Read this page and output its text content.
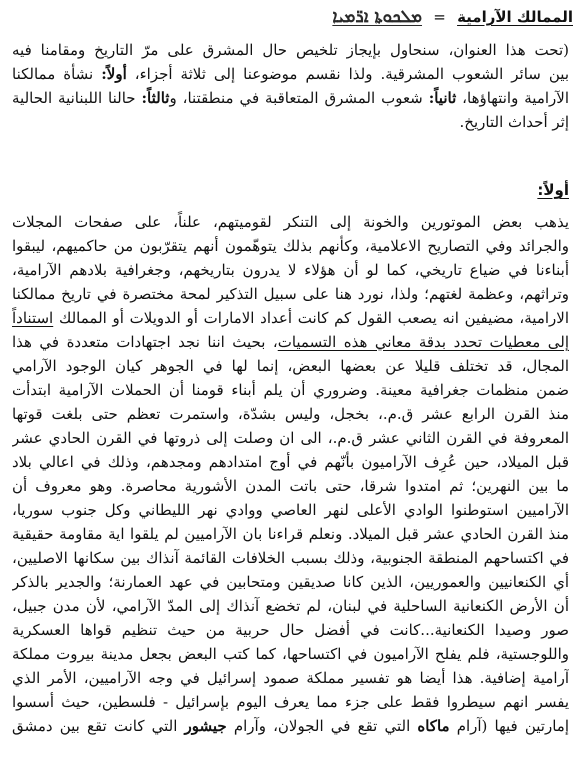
الممالك الآرامية = ܡܠܟܘܬܐ ܐܪ̈ܡܝܐ
(تحت هذا العنوان، سنحاول بإيجاز تلخيص حال المشرق على مرّ التاريخ ومقامنا فيه
بين سائر الشعوب المشرقية. ولذا نقسم موضوعنا إلى ثلاثة أجزاء، أولاً: نشأة ممالكنا
الآرامية وانتهاؤها، ثانياً: شعوب المشرق المتعاقبة في منطقتنا، وثالثاً: حالنا اللبنانية الحالية
إثر أحداث التاريخ.
أولاً:
يذهب بعض الموتورين والخونة إلى التنكر لقوميتهم، علناً، على صفحات المجلات
والجرائد وفي التصاريح الاعلامية، وكأنهم بذلك يتوهّمون أنهم يتقرّبون من حاكميهم، ليبقوا
أبناءنا في ضياع تاريخي، كما لو أن هؤلاء لا يدرون بتاريخهم، وجغرافية بلادهم الآرامية،
وتراثهم، وعظمة لغتهم؛ ولذا، نورد هنا على سبيل التذكير لمحة مختصرة في تاريخ ممالكنا
الارامية، مضيفين انه يصعب القول كم كانت أعداد الامارات أو الدويلات أو الممالك استناداً
إلى معطيات تحدد بدقة معاني هذه التسميات، بحيث اننا نجد اجتهادات متعددة في هذا
المجال، قد تختلف قليلا عن بعضها البعض، إنما لها في الجوهر كيان الوجود الآرامي
ضمن منظمات جغرافية معينة. وضروري أن يلم أبناء قومنا أن الحملات الآرامية ابتدأت
منذ القرن الرابع عشر ق.م.، بخجل، وليس بشدّة، واستمرت تعظم حتى بلغت قوتها
المعروفة في القرن الثاني عشر ق.م.، الى ان وصلت إلى ذروتها في القرن الحادي عشر
قبل الميلاد، حين عُرِف الآراميون بأنّهم في أوج امتدادهم ومجدهم، وذلك في اعالي بلاد
ما بين النهرين؛ ثم امتدوا شرقا، حتى باتت المدن الأشورية محاصرة. وهو معروف أن
الآراميين استوطنوا الوادي الأعلى لنهر العاصي ووادي نهر الليطاني وكل جنوب سوريا،
منذ القرن الحادي عشر قبل الميلاد. ونعلم قراءنا بان الآراميين لم يلقوا اية مقاومة حقيقية
في اكتساحهم المنطقة الجنوبية، وذلك بسبب الخلافات القائمة آنذاك بين سكانها الاصليين،
أي الكنعانيين والعموريين، الذين كانا صديقين ومتحابين في عهد العمارنة؛ والجدير بالذكر
أن الأرض الكنعانية الساحلية في لبنان، لم تخضع آنذاك إلى المدّ الآرامي، لأن مدن جبيل،
صور وصيدا الكنعانية...كانت في أفضل حال حربية من حيث تنظيم قواها العسكرية
واللوجستية، فلم يفلح الآراميون في اكتساحها، كما كتب البعض بجعل مدينة بيروت مملكة
آرامية إضافية. هذا أيضا هو تفسير مملكة صمود إسرائيل في وجه الآراميين، الأمر الذي
يفسر انهم سيطروا فقط على جزء مما يعرف اليوم بإسرائيل - فلسطين، حيث أسسوا
إمارتين فيها (آرام ماكاه التي تقع في الجولان، وآرام جيشور التي كانت تقع بين دمشق
